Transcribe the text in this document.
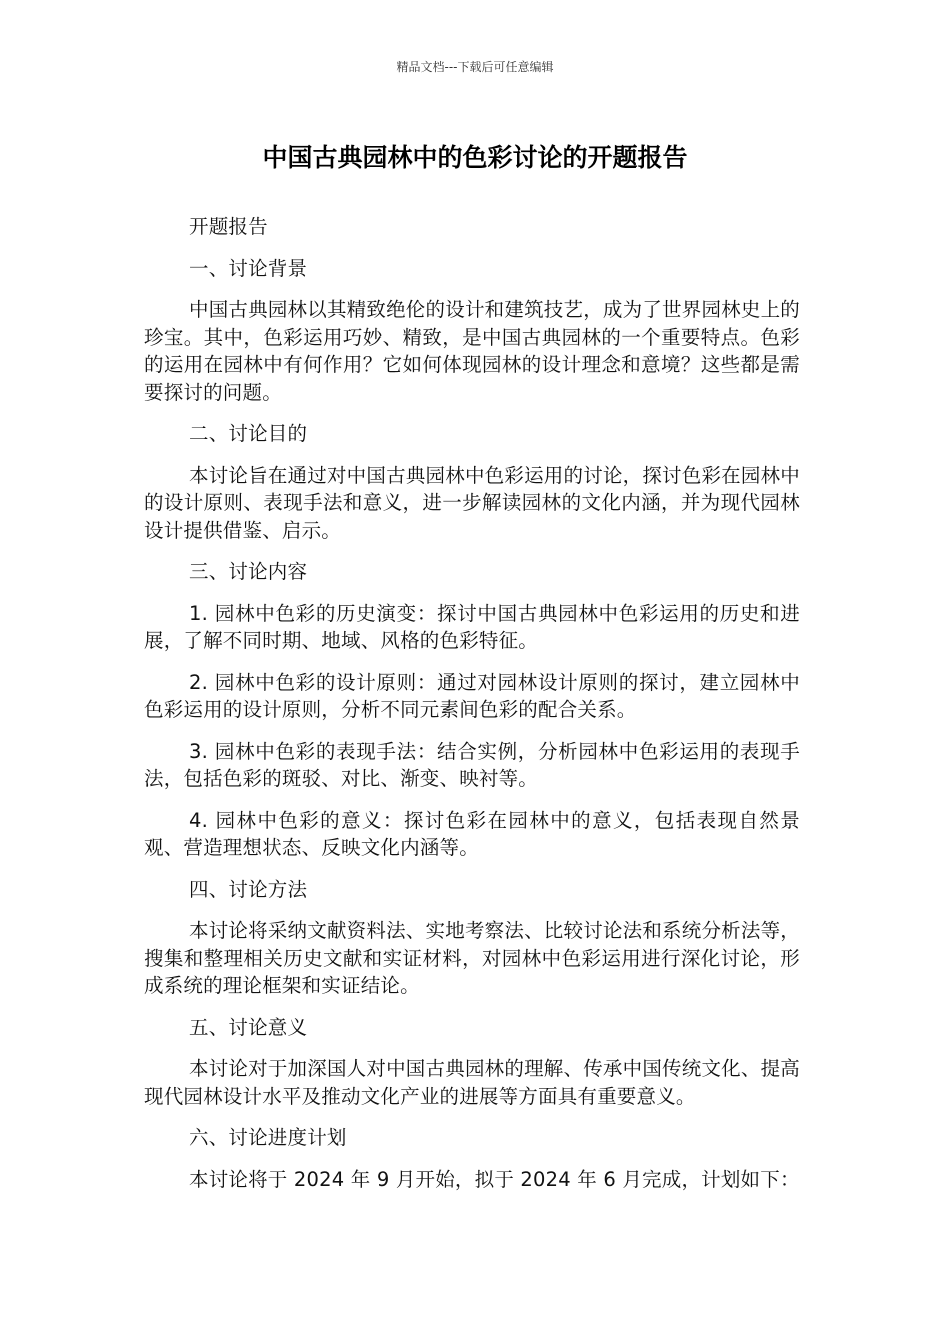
精品文档---下载后可任意编辑
中国古典园林中的色彩讨论的开题报告

开题报告

一、讨论背景

中国古典园林以其精致绝伦的设计和建筑技艺，成为了世界园林史上的珍宝。其中，色彩运用巧妙、精致，是中国古典园林的一个重要特点。色彩的运用在园林中有何作用？它如何体现园林的设计理念和意境？这些都是需要探讨的问题。

二、讨论目的

本讨论旨在通过对中国古典园林中色彩运用的讨论，探讨色彩在园林中的设计原则、表现手法和意义，进一步解读园林的文化内涵，并为现代园林设计提供借鉴、启示。

三、讨论内容

1. 园林中色彩的历史演变：探讨中国古典园林中色彩运用的历史和进展，了解不同时期、地域、风格的色彩特征。

2. 园林中色彩的设计原则：通过对园林设计原则的探讨，建立园林中色彩运用的设计原则，分析不同元素间色彩的配合关系。

3. 园林中色彩的表现手法：结合实例，分析园林中色彩运用的表现手法，包括色彩的斑驳、对比、渐变、映衬等。

4. 园林中色彩的意义：探讨色彩在园林中的意义，包括表现自然景观、营造理想状态、反映文化内涵等。

四、讨论方法

本讨论将采纳文献资料法、实地考察法、比较讨论法和系统分析法等，搜集和整理相关历史文献和实证材料，对园林中色彩运用进行深化讨论，形成系统的理论框架和实证结论。

五、讨论意义

本讨论对于加深国人对中国古典园林的理解、传承中国传统文化、提高现代园林设计水平及推动文化产业的进展等方面具有重要意义。

六、讨论进度计划

本讨论将于 2024 年 9 月开始，拟于 2024 年 6 月完成，计划如下：
